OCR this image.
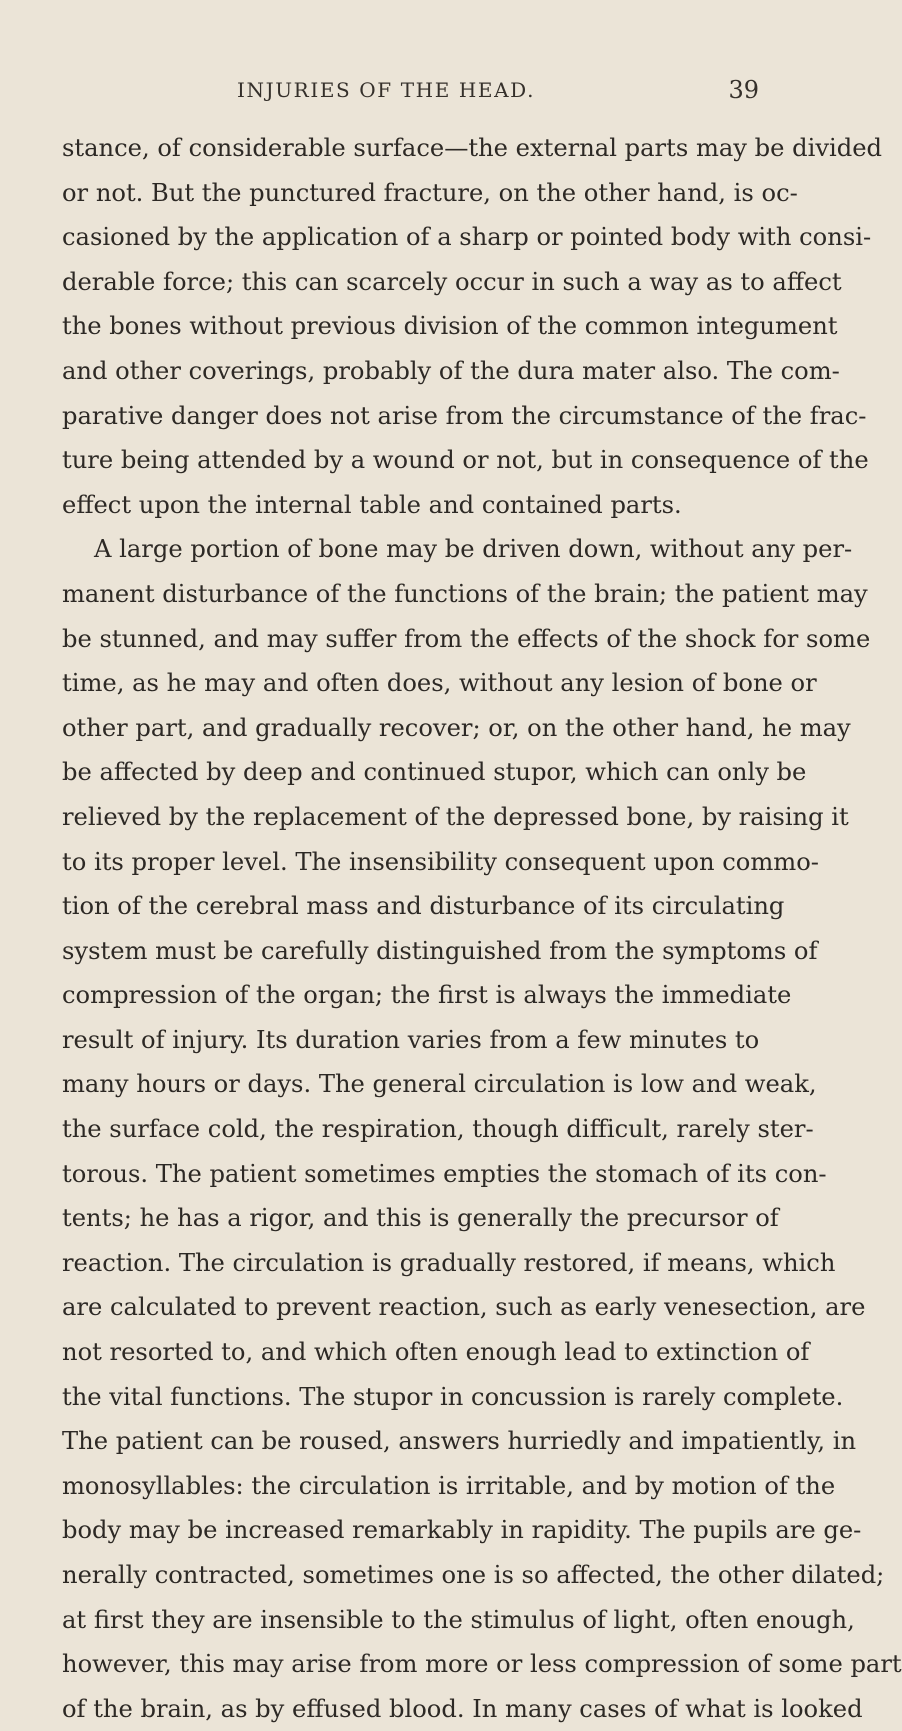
INJURIES OF THE HEAD.	39
stance, of considerable surface—the external parts may be divided
or not. But the punctured fracture, on the other hand, is oc-
casioned by the application of a sharp or pointed body with consi-
derable force; this can scarcely occur in such a way as to affect
the bones without previous division of the common integument
and other coverings, probably of the dura mater also. The com-
parative danger does not arise from the circumstance of the frac-
ture being attended by a wound or not, but in consequence of the
effect upon the internal table and contained parts.
A large portion of bone may be driven down, without any per-
manent disturbance of the functions of the brain; the patient may
be stunned, and may suffer from the effects of the shock for some
time, as he may and often does, without any lesion of bone or
other part, and gradually recover; or, on the other hand, he may
be affected by deep and continued stupor, which can only be
relieved by the replacement of the depressed bone, by raising it
to its proper level. The insensibility consequent upon commo-
tion of the cerebral mass and disturbance of its circulating
system must be carefully distinguished from the symptoms of
compression of the organ; the first is always the immediate
result of injury. Its duration varies from a few minutes to
many hours or days. The general circulation is low and weak,
the surface cold, the respiration, though difficult, rarely ster-
torous. The patient sometimes empties the stomach of its con-
tents; he has a rigor, and this is generally the precursor of
reaction. The circulation is gradually restored, if means, which
are calculated to prevent reaction, such as early venesection, are
not resorted to, and which often enough lead to extinction of
the vital functions. The stupor in concussion is rarely complete.
The patient can be roused, answers hurriedly and impatiently, in
monosyllables: the circulation is irritable, and by motion of the
body may be increased remarkably in rapidity. The pupils are ge-
nerally contracted, sometimes one is so affected, the other dilated;
at first they are insensible to the stimulus of light, often enough,
however, this may arise from more or less compression of some part
of the brain, as by effused blood. In many cases of what is looked
